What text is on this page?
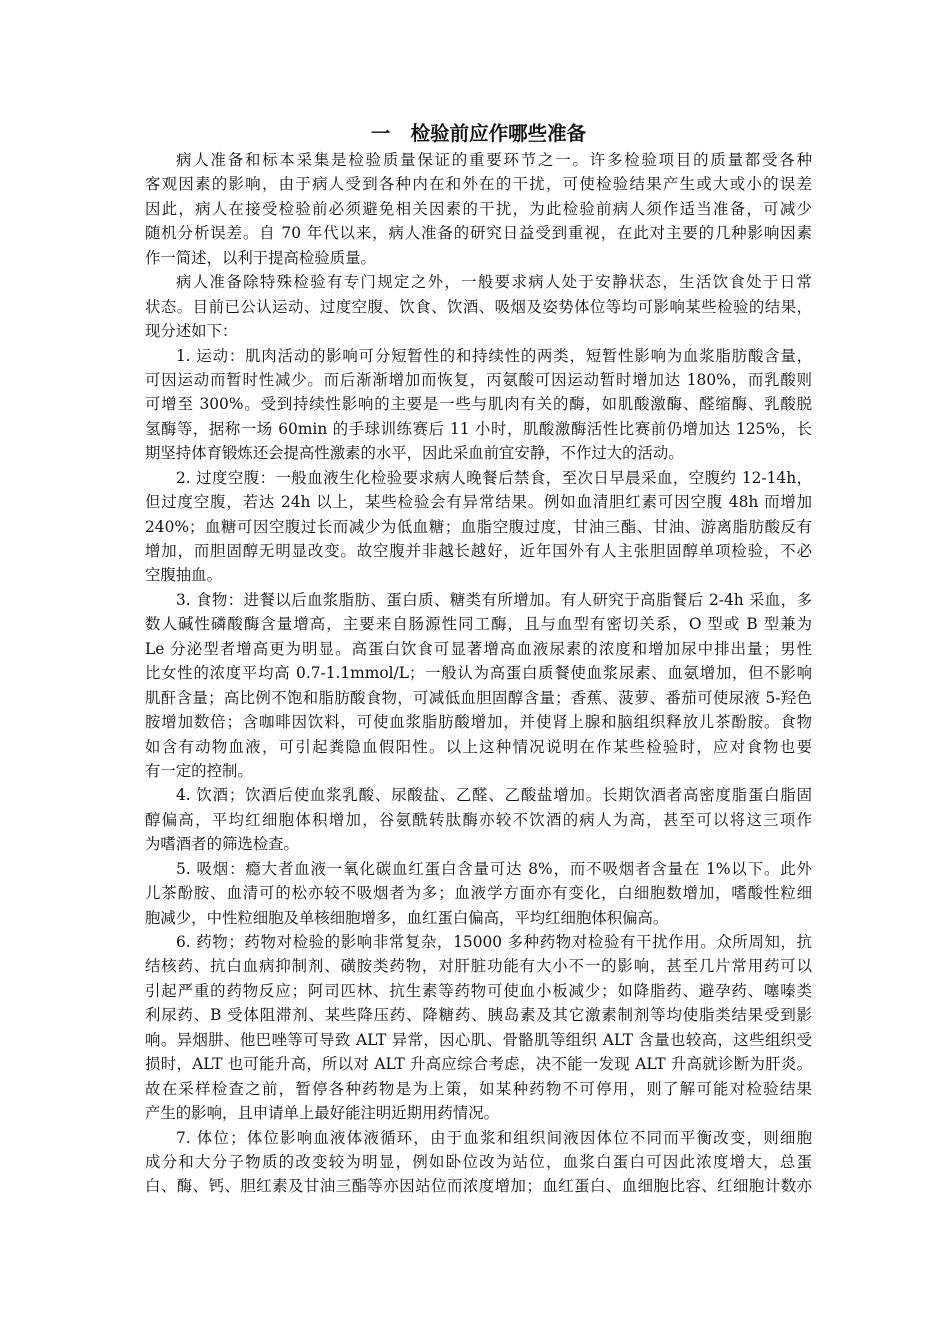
一   检验前应作哪些准备
病人准备和标本采集是检验质量保证的重要环节之一。许多检验项目的质量都受各种
客观因素的影响，由于病人受到各种内在和外在的干扰，可使检验结果产生或大或小的误差
因此，病人在接受检验前必须避免相关因素的干扰，为此检验前病人须作适当准备，可减少
随机分析误差。自 70 年代以来，病人准备的研究日益受到重视，在此对主要的几种影响因素
作一简述，以利于提高检验质量。
病人准备除特殊检验有专门规定之外，一般要求病人处于安静状态，生活饮食处于日常
状态。目前已公认运动、过度空腹、饮食、饮酒、吸烟及姿势体位等均可影响某些检验的结果，
现分述如下：
1. 运动：肌肉活动的影响可分短暂性的和持续性的两类，短暂性影响为血浆脂肪酸含量，
可因运动而暂时性减少。而后渐渐增加而恢复，丙氨酸可因运动暂时增加达 180%，而乳酸则
可增至 300%。受到持续性影响的主要是一些与肌肉有关的酶，如肌酸激酶、醛缩酶、乳酸脱
氢酶等，据称一场 60min 的手球训练赛后 11 小时，肌酸激酶活性比赛前仍增加达 125%，长
期坚持体育锻炼还会提高性激素的水平，因此采血前宜安静，不作过大的活动。
2. 过度空腹：一般血液生化检验要求病人晚餐后禁食，至次日早晨采血，空腹约 12-14h，
但过度空腹，若达 24h 以上，某些检验会有异常结果。例如血清胆红素可因空腹 48h 而增加
240%；血糖可因空腹过长而减少为低血糖；血脂空腹过度，甘油三酯、甘油、游离脂肪酸反有
增加，而胆固醇无明显改变。故空腹并非越长越好，近年国外有人主张胆固醇单项检验，不必
空腹抽血。
3. 食物：进餐以后血浆脂肪、蛋白质、糖类有所增加。有人研究于高脂餐后 2-4h 采血，多
数人碱性磷酸酶含量增高，主要来自肠源性同工酶，且与血型有密切关系，O 型或 B 型兼为
Le 分泌型者增高更为明显。高蛋白饮食可显著增高血液尿素的浓度和增加尿中排出量；男性
比女性的浓度平均高 0.7-1.1mmol/L；一般认为高蛋白质餐使血浆尿素、血氨增加，但不影响
肌酐含量；高比例不饱和脂肪酸食物，可减低血胆固醇含量；香蕉、菠萝、番茄可使尿液 5-羟色
胺增加数倍；含咖啡因饮料，可使血浆脂肪酸增加，并使肾上腺和脑组织释放儿茶酚胺。食物
如含有动物血液，可引起粪隐血假阳性。以上这种情况说明在作某些检验时，应对食物也要
有一定的控制。
4. 饮酒；饮酒后使血浆乳酸、尿酸盐、乙醛、乙酸盐增加。长期饮酒者高密度脂蛋白脂固
醇偏高，平均红细胞体积增加，谷氨酰转肽酶亦较不饮酒的病人为高，甚至可以将这三项作
为嗜酒者的筛选检查。
5. 吸烟：瘾大者血液一氧化碳血红蛋白含量可达 8%，而不吸烟者含量在 1%以下。此外
儿茶酚胺、血清可的松亦较不吸烟者为多；血液学方面亦有变化，白细胞数增加，嗜酸性粒细
胞减少，中性粒细胞及单核细胞增多，血红蛋白偏高，平均红细胞体积偏高。
6. 药物；药物对检验的影响非常复杂，15000 多种药物对检验有干扰作用。众所周知，抗
结核药、抗白血病抑制剂、磺胺类药物，对肝脏功能有大小不一的影响，甚至几片常用药可以
引起严重的药物反应；阿司匹林、抗生素等药物可使血小板减少；如降脂药、避孕药、噻嗪类
利尿药、B 受体阻滞剂、某些降压药、降糖药、胰岛素及其它激素制剂等均使脂类结果受到影
响。异烟肼、他巴唑等可导致 ALT 异常，因心肌、骨骼肌等组织 ALT 含量也较高，这些组织受
损时，ALT 也可能升高，所以对 ALT 升高应综合考虑，决不能一发现 ALT 升高就诊断为肝炎。
故在采样检查之前，暂停各种药物是为上策，如某种药物不可停用，则了解可能对检验结果
产生的影响，且申请单上最好能注明近期用药情况。
7. 体位；体位影响血液体液循环，由于血浆和组织间液因体位不同而平衡改变，则细胞
成分和大分子物质的改变较为明显，例如卧位改为站位，血浆白蛋白可因此浓度增大，总蛋
白、酶、钙、胆红素及甘油三酯等亦因站位而浓度增加；血红蛋白、血细胞比容、红细胞计数亦
